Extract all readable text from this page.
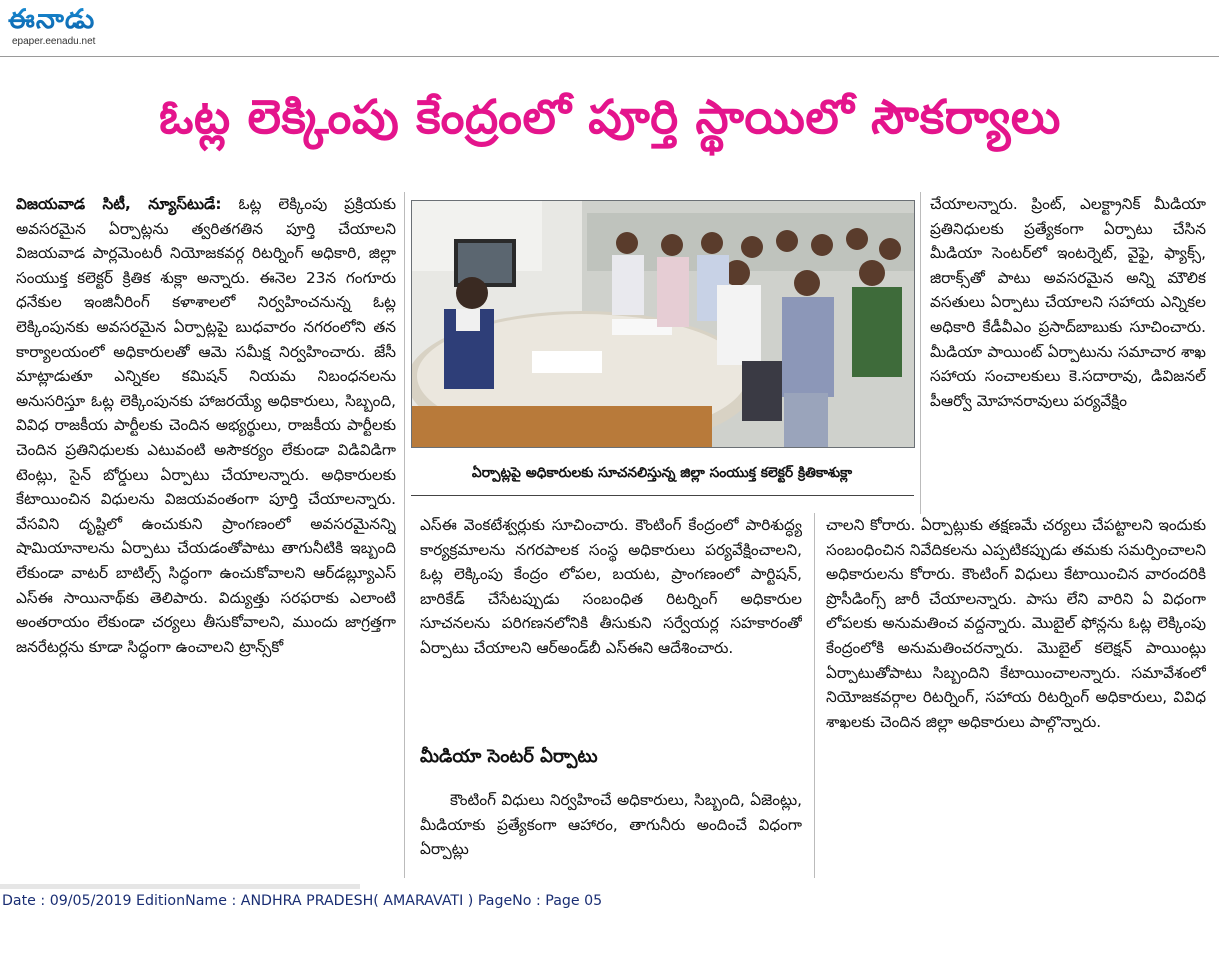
ఈనాడు
epaper.eenadu.net
ఓట్ల లెక్కింపు కేంద్రంలో పూర్తి స్థాయిలో సౌకర్యాలు

విజయవాడ సిటీ, న్యూస్‌టుడే: ఓట్ల లెక్కింపు ప్రక్రియకు అవసరమైన ఏర్పాట్లను త్వరితగతిన పూర్తి చేయాలని విజయవాడ పార్లమెంటరీ నియోజకవర్గ రిటర్నింగ్ అధికారి, జిల్లా సంయుక్త కలెక్టర్ క్రితిక శుక్లా అన్నారు. ఈనెల 23న గంగూరు ధనేకుల ఇంజినీరింగ్ కళాశాలలో నిర్వహించనున్న ఓట్ల లెక్కింపునకు అవసరమైన ఏర్పాట్లపై బుధవారం నగరంలోని తన కార్యాలయంలో అధికారులతో ఆమె సమీక్ష నిర్వహించారు. జేసీ మాట్లాడుతూ ఎన్నికల కమిషన్ నియమ నిబంధనలను అనుసరిస్తూ ఓట్ల లెక్కింపునకు హాజరయ్యే అధికారులు, సిబ్బంది, వివిధ రాజకీయ పార్టీలకు చెందిన అభ్యర్థులు, రాజకీయ పార్టీలకు చెందిన ప్రతినిధులకు ఎటువంటి అసౌకర్యం లేకుండా విడివిడిగా టెంట్లు, సైన్ బోర్డులు ఏర్పాటు చేయాలన్నారు. అధికారులకు కేటాయించిన విధులను విజయవంతంగా పూర్తి చేయాలన్నారు. వేసవిని దృష్టిలో ఉంచుకుని ప్రాంగణంలో అవసరమైనన్ని షామియానాలను ఏర్పాటు చేయడంతోపాటు తాగునీటికి ఇబ్బంది లేకుండా వాటర్ బాటిల్స్ సిద్ధంగా ఉంచుకోవాలని ఆర్‌డబ్ల్యూఎస్ ఎస్ఈ సాయినాథ్‌కు తెలిపారు. విద్యుత్తు సరఫరాకు ఎలాంటి అంతరాయం లేకుండా చర్యలు తీసుకోవాలని, ముందు జాగ్రత్తగా జనరేటర్లను కూడా సిద్ధంగా ఉంచాలని ట్రాన్స్‌కో

ఏర్పాట్లపై అధికారులకు సూచనలిస్తున్న జిల్లా సంయుక్త కలెక్టర్ క్రితికాశుక్లా

ఎస్ఈ వెంకటేశ్వర్లుకు సూచించారు. కౌంటింగ్ కేంద్రంలో పారిశుద్ధ్య కార్యక్రమాలను నగరపాలక సంస్థ అధికారులు పర్యవేక్షించాలని, ఓట్ల లెక్కింపు కేంద్రం లోపల, బయట, ప్రాంగణంలో పార్టిషన్, బారికేడ్ చేసేటప్పుడు సంబంధిత రిటర్నింగ్ అధికారుల సూచనలను పరిగణనలోనికి తీసుకుని సర్వేయర్ల సహకారంతో ఏర్పాటు చేయాలని ఆర్అండ్‌బీ ఎస్ఈని ఆదేశించారు.

మీడియా సెంటర్ ఏర్పాటు

కౌంటింగ్ విధులు నిర్వహించే అధికారులు, సిబ్బంది, ఏజెంట్లు, మీడియాకు ప్రత్యేకంగా ఆహారం, తాగునీరు అందించే విధంగా ఏర్పాట్లు

చేయాలన్నారు. ప్రింట్, ఎలక్ట్రానిక్ మీడియా ప్రతినిధులకు ప్రత్యేకంగా ఏర్పాటు చేసిన మీడియా సెంటర్‌లో ఇంటర్నెట్, వైఫై, ఫ్యాక్స్, జిరాక్స్‌తో పాటు అవసరమైన అన్ని మౌలిక వసతులు ఏర్పాటు చేయాలని సహాయ ఎన్నికల అధికారి కేడీవీఎం ప్రసాద్‌బాబుకు సూచించారు. మీడియా పాయింట్ ఏర్పాటును సమాచార శాఖ సహాయ సంచాలకులు కె.సదారావు, డివిజనల్ పీఆర్వో మోహనరావులు పర్యవేక్షిం

చాలని కోరారు. ఏర్పాట్లుకు తక్షణమే చర్యలు చేపట్టాలని ఇందుకు సంబంధించిన నివేదికలను ఎప్పటికప్పుడు తమకు సమర్పించాలని అధికారులను కోరారు. కౌంటింగ్ విధులు కేటాయించిన వారందరికి ప్రొసీడింగ్స్ జారీ చేయాలన్నారు. పాసు లేని వారిని ఏ విధంగా లోపలకు అనుమతించ వద్దన్నారు. మొబైల్ ఫోన్లను ఓట్ల లెక్కింపు కేంద్రంలోకి అనుమతించరన్నారు. మొబైల్ కలెక్షన్ పాయింట్లు ఏర్పాటుతోపాటు సిబ్బందిని కేటాయించాలన్నారు. సమావేశంలో నియోజకవర్గాల రిటర్నింగ్, సహాయ రిటర్నింగ్ అధికారులు, వివిధ శాఖలకు చెందిన జిల్లా అధికారులు పాల్గొన్నారు.

Date : 09/05/2019 EditionName : ANDHRA PRADESH( AMARAVATI ) PageNo : Page 05
